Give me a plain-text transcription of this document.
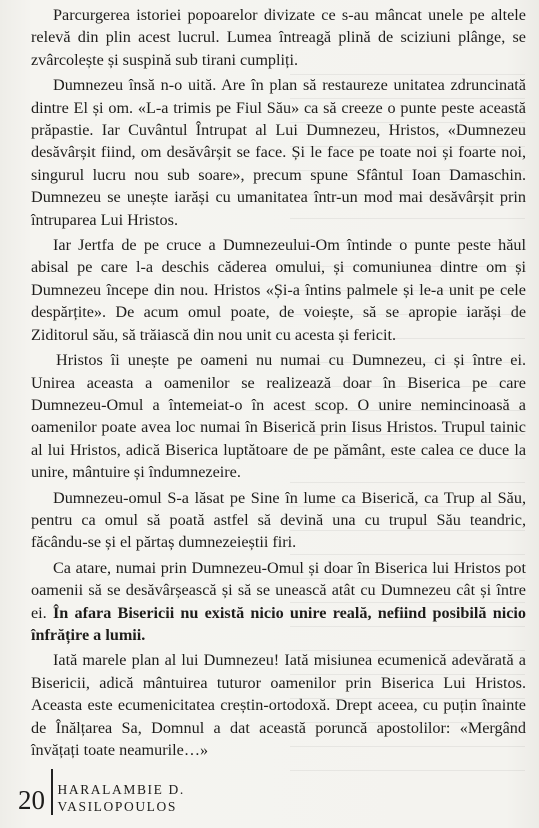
Parcurgerea istoriei popoarelor divizate ce s-au mâncat unele pe altele relevă din plin acest lucrul. Lumea întreagă plină de sciziuni plânge, se zvârcolește și suspină sub tirani cumpliți.

Dumnezeu însă n-o uită. Are în plan să restaureze unitatea zdruncinată dintre El și om. «L-a trimis pe Fiul Său» ca să creeze o punte peste această prăpastie. Iar Cuvântul Întrupat al Lui Dumnezeu, Hristos, «Dumnezeu desăvârșit fiind, om desăvârșit se face. Și le face pe toate noi și foarte noi, singurul lucru nou sub soare», precum spune Sfântul Ioan Damaschin. Dumnezeu se unește iarăși cu umanitatea într-un mod mai desăvârșit prin întruparea Lui Hristos.

Iar Jertfa de pe cruce a Dumnezeului-Om întinde o punte peste hăul abisal pe care l-a deschis căderea omului, și comuniunea dintre om și Dumnezeu începe din nou. Hristos «Și-a întins palmele și le-a unit pe cele despărțite». De acum omul poate, de voiește, să se apropie iarăși de Ziditorul său, să trăiască din nou unit cu acesta și fericit.

Hristos îi unește pe oameni nu numai cu Dumnezeu, ci și între ei. Unirea aceasta a oamenilor se realizează doar în Biserica pe care Dumnezeu-Omul a întemeiat-o în acest scop. O unire nemincinoasă a oamenilor poate avea loc numai în Biserică prin Iisus Hristos. Trupul tainic al lui Hristos, adică Biserica luptătoare de pe pământ, este calea ce duce la unire, mântuire și îndumnezeire.

Dumnezeu-omul S-a lăsat pe Sine în lume ca Biserică, ca Trup al Său, pentru ca omul să poată astfel să devină una cu trupul Său teandric, făcându-se și el părtaș dumnezeieștii firi.

Ca atare, numai prin Dumnezeu-Omul și doar în Biserica lui Hristos pot oamenii să se desăvârșească și să se unească atât cu Dumnezeu cât și între ei. În afara Bisericii nu există nicio unire reală, nefiind posibilă nicio înfrățire a lumii.

Iată marele plan al lui Dumnezeu! Iată misiunea ecumenică adevărată a Bisericii, adică mântuirea tuturor oamenilor prin Biserica Lui Hristos. Aceasta este ecumenicitatea creștin-ortodoxă. Drept aceea, cu puțin înainte de Înălțarea Sa, Domnul a dat această poruncă apostolilor: «Mergând învățați toate neamurile…»

20 HARALAMBIE D.
VASILOPOULOS
